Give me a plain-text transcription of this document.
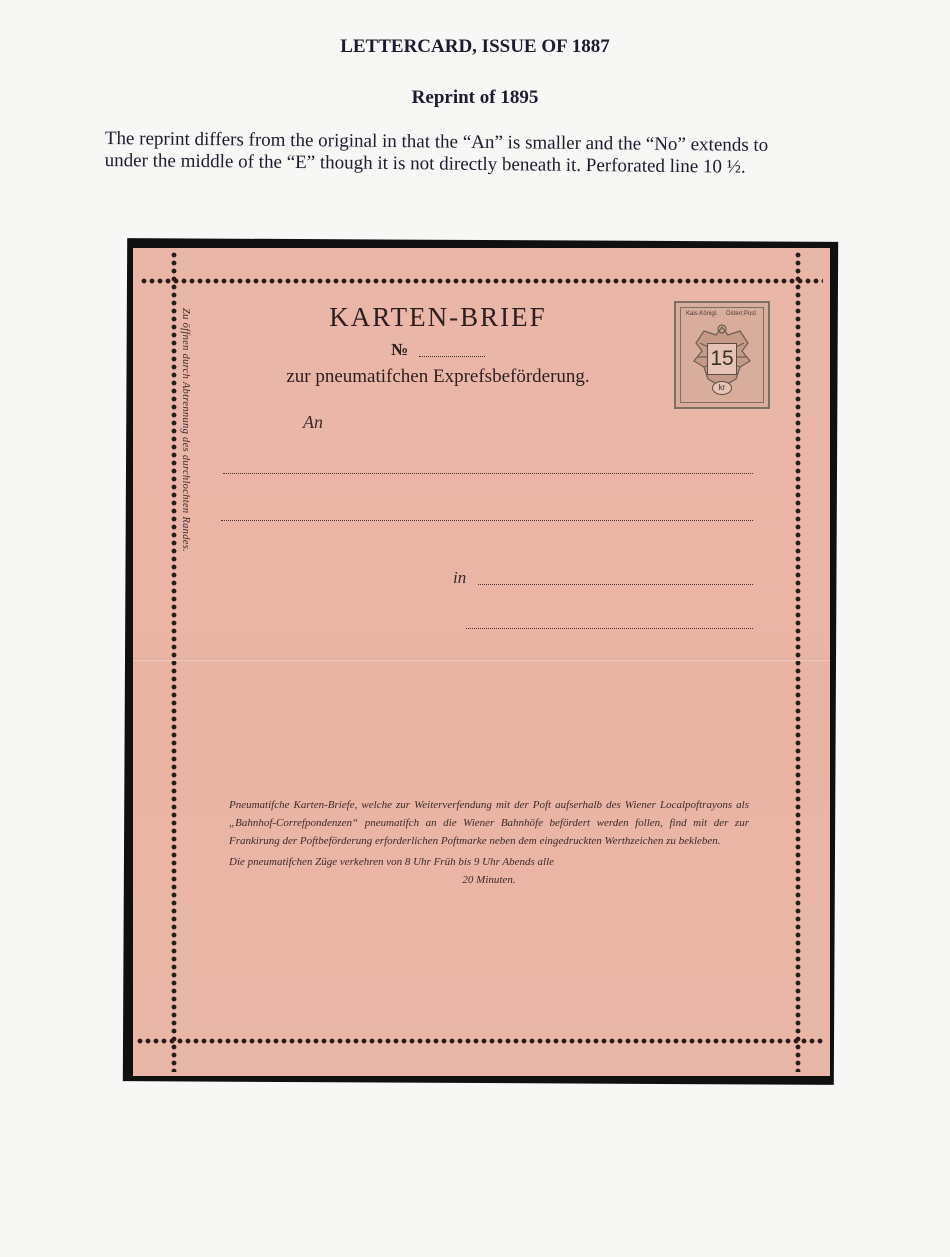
LETTERCARD, ISSUE OF 1887
Reprint of 1895
The reprint differs from the original in that the “An” is smaller and the “No” extends to
under the middle of the “E” though it is not directly beneath it. Perforated line 10 ½.
Zu öffnen durch Abtrennung des durchlochten Randes.	KARTEN-BRIEF
№
zur pneumatifchen Exprefsbeförderung.
Kais.Königl. Österr.Post
15
kr
An
in

Pneumatifche Karten-Briefe, welche zur Weiterverfendung mit der Poft aufserhalb des Wiener Localpoftrayons als „Bahnhof-Correfpondenzen“ pneumatifch an die Wiener Bahnhöfe befördert werden follen, find mit der zur Frankirung der Poftbeförderung erforderlichen Poftmarke neben dem eingedruckten Werthzeichen zu bekleben.

Die pneumatifchen Züge verkehren von 8 Uhr Früh bis 9 Uhr Abends alle

20 Minuten.
